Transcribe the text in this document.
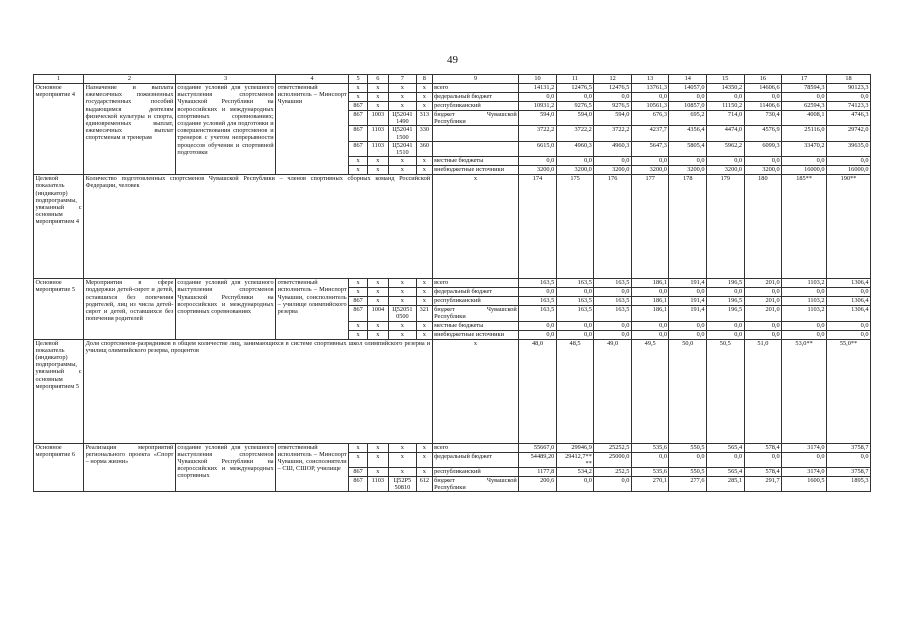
49
1	2	3	4	5	6	7	8	9	10	11	12	13	14	15	16	17	18
Основное мероприятие 4	Назначение и выплата ежемесячных пожизненных государственных пособий выдающимся деятелям физической культуры и спорта, единовременных выплат, ежемесячных выплат спортсменам и тренерам	создание условий для успешного выступления спортсменов Чувашской Республики на всероссийских и международных спортивных соревнованиях; создание условий для подготовки и совершенствования спортсменов и тренеров с учетом непрерывности процессов обучения и спортивной подготовки	ответственный исполнитель – Минспорт Чувашии	x	x	x	x	всего	14131,2	12476,5	12476,5	13761,3	14057,0	14350,2	14606,6	78594,3	90123,3
				x	x	x	x	федеральный бюджет	0,0	0,0	0,0	0,0	0,0	0,0	0,0	0,0	0,0
				867	x	x	x	республиканский	10931,2	9276,5	9276,5	10561,3	10857,0	11150,2	11406,6	62594,3	74123,3
				867	1003	Ц52041 1490	313	бюджет Чувашской Республики	594,0	594,0	594,0	676,3	695,2	714,0	730,4	4008,1	4746,3
				867	1103	Ц52041 1500	330		3722,2	3722,2	3722,2	4237,7	4356,4	4474,0	4576,9	25116,0	29742,0
				867	1103	Ц52041 1510	360		6615,0	4960,3	4960,3	5647,3	5805,4	5962,2	6099,3	33470,2	39635,0
				x	x	x	x	местные бюджеты	0,0	0,0	0,0	0,0	0,0	0,0	0,0	0,0	0,0
				x	x	x	x	внебюджетные источники	3200,0	3200,0	3200,0	3200,0	3200,0	3200,0	3200,0	16000,0	16000,0
Целевой показатель (индикатор) подпрограммы, увязанный с основным мероприятием 4	Количество подготовленных спортсменов Чувашской Республики – членов спортивных сборных команд Российской Федерации, человек							x	174	175	176	177	178	179	180	185**	190**
Основное мероприятие 5	Мероприятия в сфере поддержки детей-сирот и детей, оставшихся без попечения родителей, лиц из числа детей-сирот и детей, оставшихся без попечения родителей	создание условий для успешного выступления спортсменов Чувашской Республики на всероссийских и международных спортивных соревнованиях	ответственный исполнитель – Минспорт Чувашии, соисполнитель – училище олимпийского резерва	x	x	x	x	всего	163,5	163,5	163,5	186,1	191,4	196,5	201,0	1103,2	1306,4
				x	x	x	x	федеральный бюджет	0,0	0,0	0,0	0,0	0,0	0,0	0,0	0,0	0,0
				867	x	x	x	республиканский	163,5	163,5	163,5	186,1	191,4	196,5	201,0	1103,2	1306,4
				867	1004	Ц52051 0500	321	бюджет Чувашской Республики	163,5	163,5	163,5	186,1	191,4	196,5	201,0	1103,2	1306,4
				x	x	x	x	местные бюджеты	0,0	0,0	0,0	0,0	0,0	0,0	0,0	0,0	0,0
				x	x	x	x	внебюджетные источники	0,0	0,0	0,0	0,0	0,0	0,0	0,0	0,0	0,0
Целевой показатель (индикатор) подпрограммы, увязанный с основным мероприятием 5	Доля спортсменов-разрядников в общем количестве лиц, занимающихся в системе спортивных школ олимпийского резерва и училищ олимпийского резерва, процентов							x	48,0	48,5	49,0	49,5	50,0	50,5	51,0	53,0**	55,0**
Основное мероприятие 6	Реализация мероприятий регионального проекта «Спорт – норма жизни»	создание условий для успешного выступления спортсменов Чувашской Республики на всероссийских и международных спортивных	ответственный исполнитель – Минспорт Чувашии, соисполнители – СШ, СШОР, училище	x	x	x	x	всего	55667,0	29946,9	25252,5	535,6	550,5	565,4	578,4	3174,0	3758,7
				x	x	x	x	федеральный бюджет	54489,20	29412,7** **	25000,0	0,0	0,0	0,0	0,0	0,0	0,0
				867	x	x	x	республиканский	1177,8	534,2	252,5	535,6	550,5	565,4	578,4	3174,0	3758,7
				867	1103	Ц52P5 50810	612	бюджет Чувашской Республики	200,6	0,0	0,0	270,1	277,6	285,1	291,7	1600,5	1895,3
